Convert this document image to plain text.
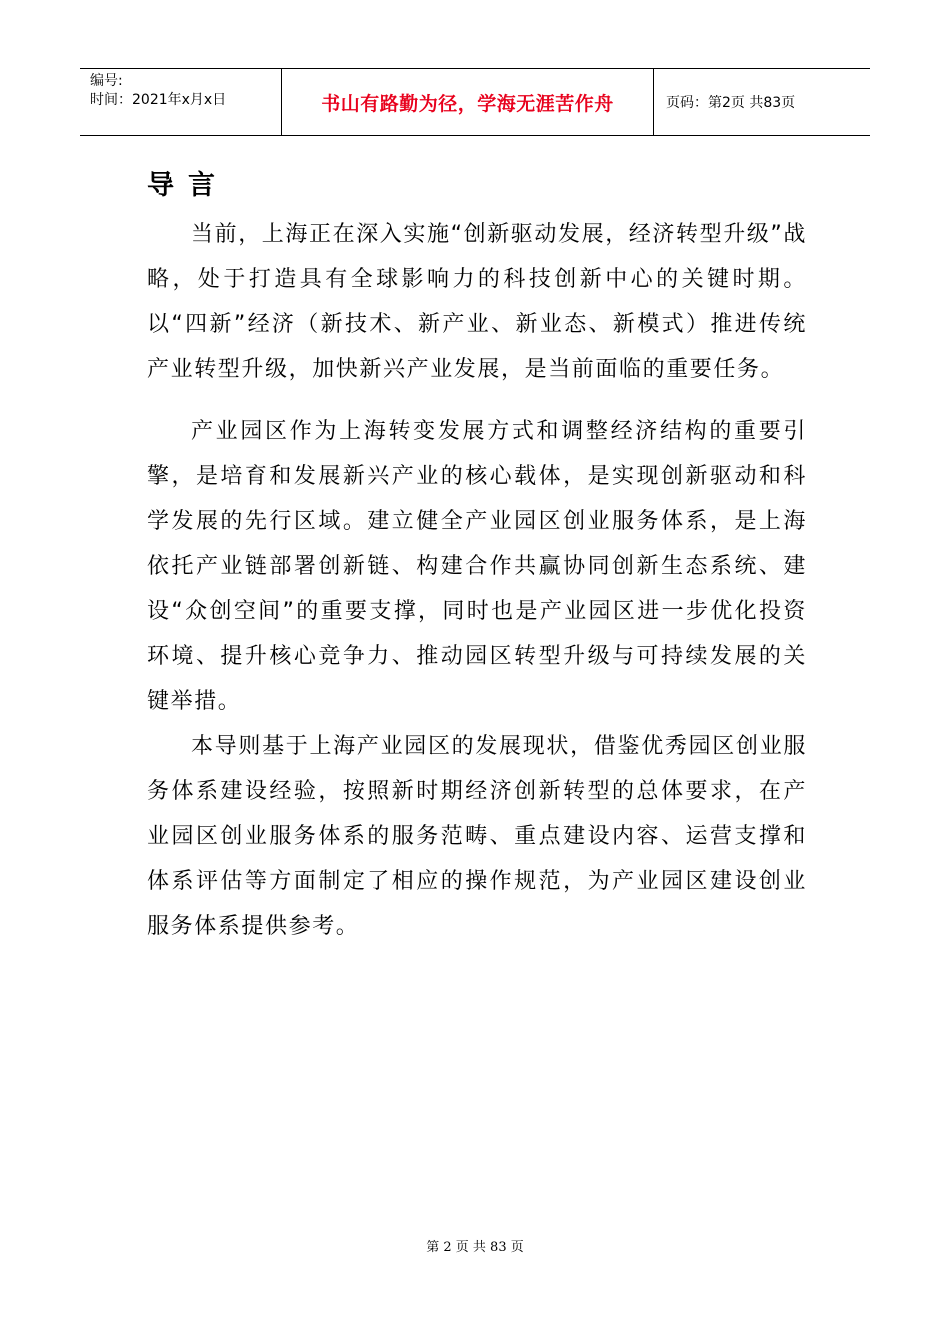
编号:
时间：2021年x月x日	书山有路勤为径，学海无涯苦作舟	页码：第2页 共83页
导言

当前，上海正在深入实施“创新驱动发展，经济转型升级”战略，处于打造具有全球影响力的科技创新中心的关键时期。以“四新”经济（新技术、新产业、新业态、新模式）推进传统产业转型升级，加快新兴产业发展，是当前面临的重要任务。

产业园区作为上海转变发展方式和调整经济结构的重要引擎，是培育和发展新兴产业的核心载体，是实现创新驱动和科学发展的先行区域。建立健全产业园区创业服务体系，是上海依托产业链部署创新链、构建合作共赢协同创新生态系统、建设“众创空间”的重要支撑，同时也是产业园区进一步优化投资环境、提升核心竞争力、推动园区转型升级与可持续发展的关键举措。

本导则基于上海产业园区的发展现状，借鉴优秀园区创业服务体系建设经验，按照新时期经济创新转型的总体要求，在产业园区创业服务体系的服务范畴、重点建设内容、运营支撑和体系评估等方面制定了相应的操作规范，为产业园区建设创业服务体系提供参考。

第 2 页 共 83 页
